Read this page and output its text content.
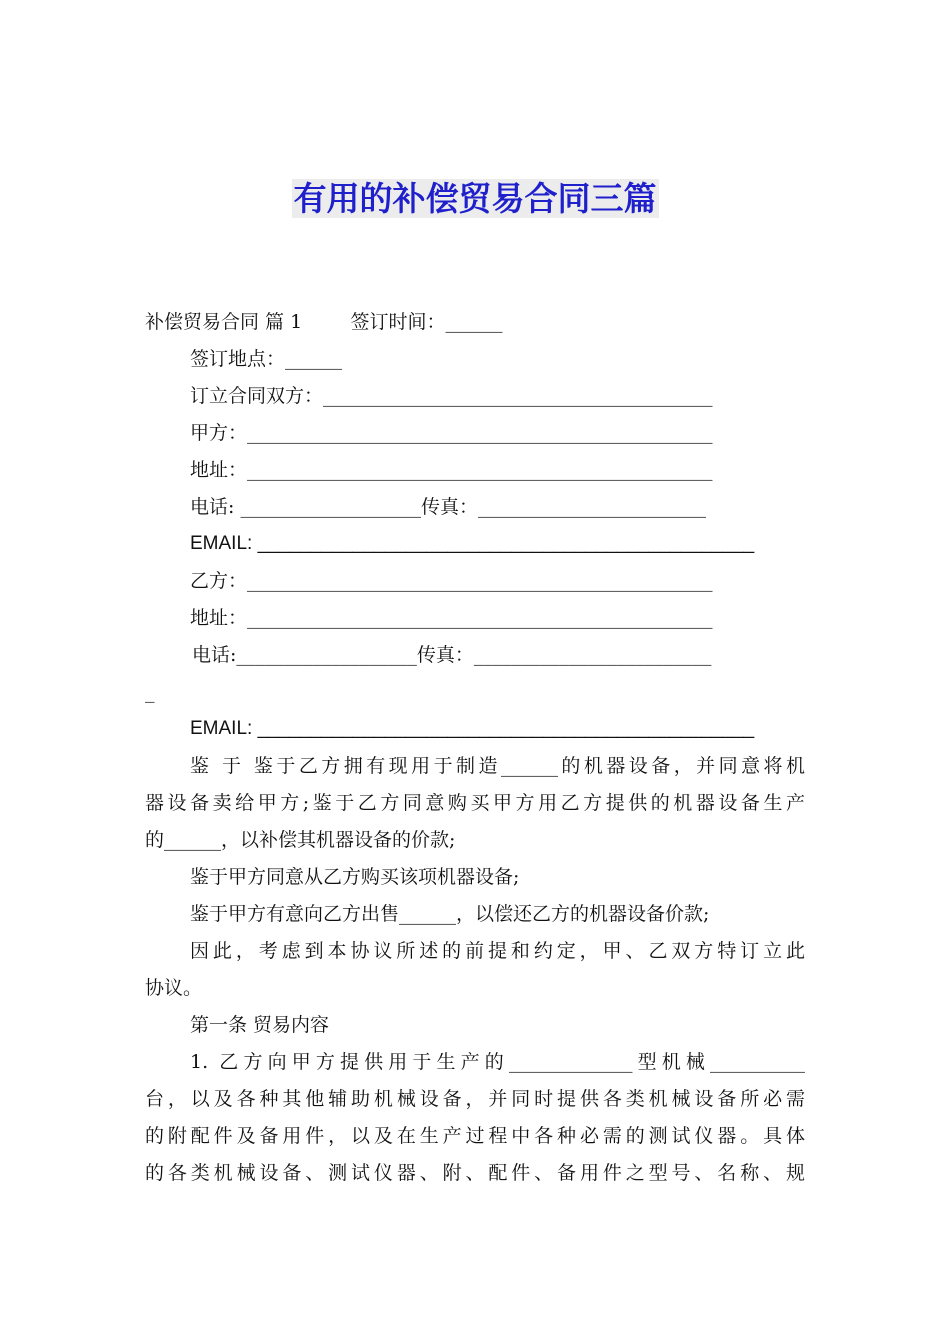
有用的补偿贸易合同三篇
补偿贸易合同 篇 1        签订时间：______
签订地点：______
订立合同双方：_________________________________________
甲方：_________________________________________________
地址：_________________________________________________
电话: ___________________传真：________________________
EMAIL: _______________________________________________
乙方：_________________________________________________
地址：_________________________________________________
电话:___________________传真：_________________________
_
EMAIL: _______________________________________________
鉴 于 鉴于乙方拥有现用于制造______的机器设备，并同意将机
器设备卖给甲方;鉴于乙方同意购买甲方用乙方提供的机器设备生产
的______，以补偿其机器设备的价款;
鉴于甲方同意从乙方购买该项机器设备;
鉴于甲方有意向乙方出售______，以偿还乙方的机器设备价款;
因此，考虑到本协议所述的前提和约定，甲、乙双方特订立此
协议。
第一条 贸易内容
1. 乙方向甲方提供用于生产的_____________型机械__________
台，以及各种其他辅助机械设备，并同时提供各类机械设备所必需
的附配件及备用件，以及在生产过程中各种必需的测试仪器。具体
的各类机械设备、测试仪器、附、配件、备用件之型号、名称、规
